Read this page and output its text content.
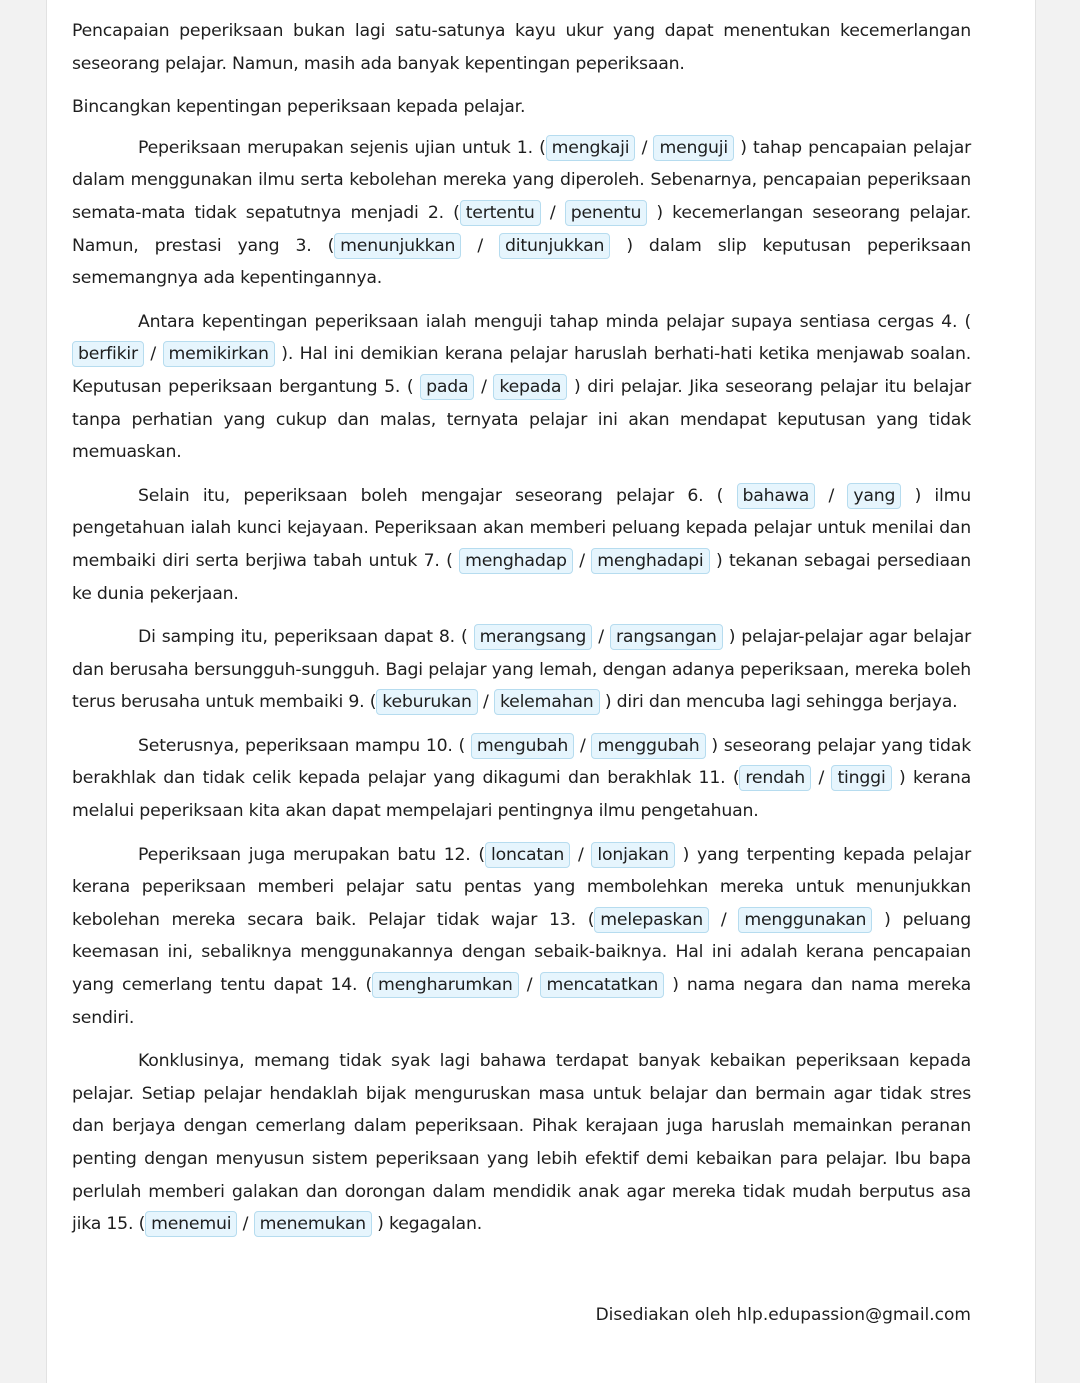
Pencapaian peperiksaan bukan lagi satu-satunya kayu ukur yang dapat menentukan kecemerlangan seseorang pelajar. Namun, masih ada banyak kepentingan peperiksaan.

Bincangkan kepentingan peperiksaan kepada pelajar.

Peperiksaan merupakan sejenis ujian untuk 1. ( mengkaji / menguji ) tahap pencapaian pelajar dalam menggunakan ilmu serta kebolehan mereka yang diperoleh. Sebenarnya, pencapaian peperiksaan semata-mata tidak sepatutnya menjadi 2. ( tertentu / penentu ) kecemerlangan seseorang pelajar. Namun, prestasi yang 3. ( menunjukkan / ditunjukkan ) dalam slip keputusan peperiksaan sememangnya ada kepentingannya.

Antara kepentingan peperiksaan ialah menguji tahap minda pelajar supaya sentiasa cergas 4. ( berfikir / memikirkan ). Hal ini demikian kerana pelajar haruslah berhati-hati ketika menjawab soalan. Keputusan peperiksaan bergantung 5. ( pada / kepada ) diri pelajar. Jika seseorang pelajar itu belajar tanpa perhatian yang cukup dan malas, ternyata pelajar ini akan mendapat keputusan yang tidak memuaskan.

Selain itu, peperiksaan boleh mengajar seseorang pelajar 6. ( bahawa / yang ) ilmu pengetahuan ialah kunci kejayaan. Peperiksaan akan memberi peluang kepada pelajar untuk menilai dan membaiki diri serta berjiwa tabah untuk 7. ( menghadap / menghadapi ) tekanan sebagai persediaan ke dunia pekerjaan.

Di samping itu, peperiksaan dapat 8. ( merangsang / rangsangan ) pelajar-pelajar agar belajar dan berusaha bersungguh-sungguh. Bagi pelajar yang lemah, dengan adanya peperiksaan, mereka boleh terus berusaha untuk membaiki 9. ( keburukan / kelemahan ) diri dan mencuba lagi sehingga berjaya.

Seterusnya, peperiksaan mampu 10. ( mengubah / menggubah ) seseorang pelajar yang tidak berakhlak dan tidak celik kepada pelajar yang dikagumi dan berakhlak 11. ( rendah / tinggi ) kerana melalui peperiksaan kita akan dapat mempelajari pentingnya ilmu pengetahuan.

Peperiksaan juga merupakan batu 12. ( loncatan / lonjakan ) yang terpenting kepada pelajar kerana peperiksaan memberi pelajar satu pentas yang membolehkan mereka untuk menunjukkan kebolehan mereka secara baik. Pelajar tidak wajar 13. ( melepaskan / menggunakan ) peluang keemasan ini, sebaliknya menggunakannya dengan sebaik-baiknya. Hal ini adalah kerana pencapaian yang cemerlang tentu dapat 14. ( mengharumkan / mencatatkan ) nama negara dan nama mereka sendiri.

Konklusinya, memang tidak syak lagi bahawa terdapat banyak kebaikan peperiksaan kepada pelajar. Setiap pelajar hendaklah bijak menguruskan masa untuk belajar dan bermain agar tidak stres dan berjaya dengan cemerlang dalam peperiksaan. Pihak kerajaan juga haruslah memainkan peranan penting dengan menyusun sistem peperiksaan yang lebih efektif demi kebaikan para pelajar. Ibu bapa perlulah memberi galakan dan dorongan dalam mendidik anak agar mereka tidak mudah berputus asa jika 15. ( menemui / menemukan ) kegagalan.

Disediakan oleh hlp.edupassion@gmail.com
